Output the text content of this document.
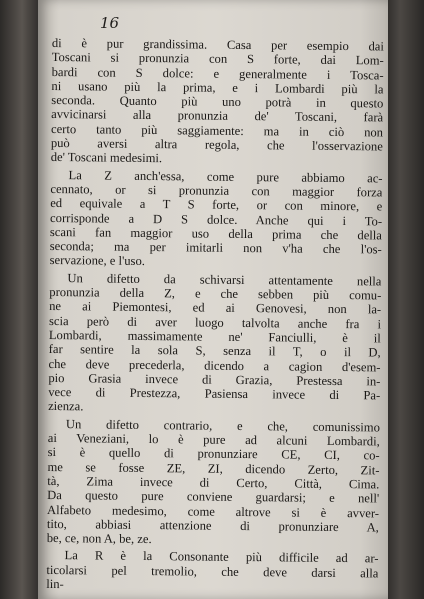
16
di è pur grandissima. Casa per esempio dai
Toscani si pronunzia con S forte, dai Lom-
bardi con S dolce: e generalmente i Tosca-
ni usano più la prima, e i Lombardi più la
seconda. Quanto più uno potrà in questo
avvicinarsi alla pronunzia de' Toscani, farà
certo tanto più saggiamente: ma in ciò non
può aversi altra regola, che l'osservazione
de' Toscani medesimi.
La Z anch'essa, come pure abbiamo ac-
cennato, or si pronunzia con maggior forza
ed equivale a T S forte, or con minore, e
corrisponde a D S dolce. Anche qui i To-
scani fan maggior uso della prima che della
seconda; ma per imitarli non v'ha che l'os-
servazione, e l'uso.
Un difetto da schivarsi attentamente nella
pronunzia della Z, e che sebben più comu-
ne ai Piemontesi, ed ai Genovesi, non la-
scia però di aver luogo talvolta anche fra i
Lombardi, massimamente ne' Fanciulli, è il
far sentire la sola S, senza il T, o il D,
che deve precederla, dicendo a cagion d'esem-
pio Grasia invece di Grazia, Prestessa in-
vece di Prestezza, Pasiensa invece di Pa-
zienza.
Un difetto contrario, e che, comunissimo
ai Veneziani, lo è pure ad alcuni Lombardi,
si è quello di pronunziare CE, CI, co-
me se fosse ZE, ZI, dicendo Zerto, Zit-
tà, Zima invece di Certo, Città, Cima.
Da questo pure conviene guardarsi; e nell'
Alfabeto medesimo, come altrove si è avver-
tito, abbiasi attenzione di pronunziare A,
be, ce, non A, be, ze.
La R è la Consonante più difficile ad ar-
ticolarsi pel tremolio, che deve darsi alla
lin-
